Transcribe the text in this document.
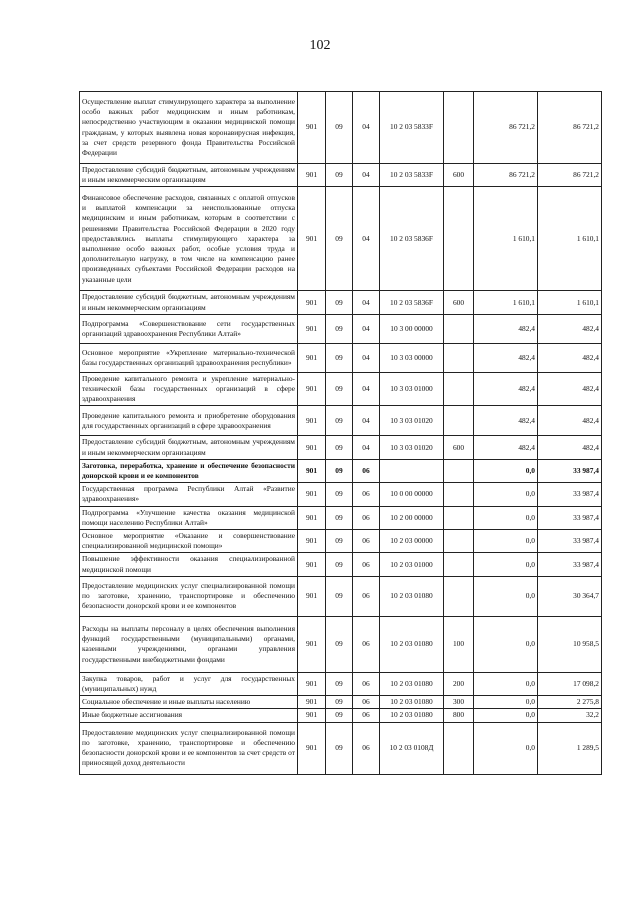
102
Осуществление выплат стимулирующего характера за выполнение особо важных работ медицинским и иным работникам, непосредственно участвующим в оказании медицинской помощи гражданам, у которых выявлена новая коронавирусная инфекция, за счет средств резервного фонда Правительства Российской Федерации	901	09	04	10 2 03 5833F		86 721,2	86 721,2
Предоставление субсидий бюджетным, автономным учреждениям и иным некоммерческим организациям	901	09	04	10 2 03 5833F	600	86 721,2	86 721,2
Финансовое обеспечение расходов, связанных с оплатой отпусков и выплатой компенсации за неиспользованные отпуска медицинским и иным работникам, которым в соответствии с решениями Правительства Российской Федерации в 2020 году предоставлялись выплаты стимулирующего характера за выполнение особо важных работ, особые условия труда и дополнительную нагрузку, в том числе на компенсацию ранее произведенных субъектами Российской Федерации расходов на указанные цели	901	09	04	10 2 03 5836F		1 610,1	1 610,1
Предоставление субсидий бюджетным, автономным учреждениям и иным некоммерческим организациям	901	09	04	10 2 03 5836F	600	1 610,1	1 610,1
Подпрограмма «Совершенствование сети государственных организаций здравоохранения Республики Алтай»	901	09	04	10 3 00 00000		482,4	482,4
Основное мероприятие «Укрепление материально-технической базы государственных организаций здравоохранения республики»	901	09	04	10 3 03 00000		482,4	482,4
Проведение капитального ремонта и укрепление материально-технической базы государственных организаций в сфере здравоохранения	901	09	04	10 3 03 01000		482,4	482,4
Проведение капитального ремонта и приобретение оборудования для государственных организаций в сфере здравоохранения	901	09	04	10 3 03 01020		482,4	482,4
Предоставление субсидий бюджетным, автономным учреждениям и иным некоммерческим организациям	901	09	04	10 3 03 01020	600	482,4	482,4
Заготовка, переработка, хранение и обеспечение безопасности донорской крови и ее компонентов	901	09	06			0,0	33 987,4
Государственная программа Республики Алтай «Развитие здравоохранения»	901	09	06	10 0 00 00000		0,0	33 987,4
Подпрограмма «Улучшение качества оказания медицинской помощи населению Республики Алтай»	901	09	06	10 2 00 00000		0,0	33 987,4
Основное мероприятие «Оказание и совершенствование специализированной медицинской помощи»	901	09	06	10 2 03 00000		0,0	33 987,4
Повышение эффективности оказания специализированной медицинской помощи	901	09	06	10 2 03 01000		0,0	33 987,4
Предоставление медицинских услуг специализированной помощи по заготовке, хранению, транспортировке и обеспечению безопасности донорской крови и ее компонентов	901	09	06	10 2 03 01080		0,0	30 364,7
Расходы на выплаты персоналу в целях обеспечения выполнения функций государственными (муниципальными) органами, казенными учреждениями, органами управления государственными внебюджетными фондами	901	09	06	10 2 03 01080	100	0,0	10 958,5
Закупка товаров, работ и услуг для государственных (муниципальных) нужд	901	09	06	10 2 03 01080	200	0,0	17 098,2
Социальное обеспечение и иные выплаты населению	901	09	06	10 2 03 01080	300	0,0	2 275,8
Иные бюджетные ассигнования	901	09	06	10 2 03 01080	800	0,0	32,2
Предоставление медицинских услуг специализированной помощи по заготовке, хранению, транспортировке и обеспечению безопасности донорской крови и ее компонентов за счет средств от приносящей доход деятельности	901	09	06	10 2 03 0108Д		0,0	1 289,5
